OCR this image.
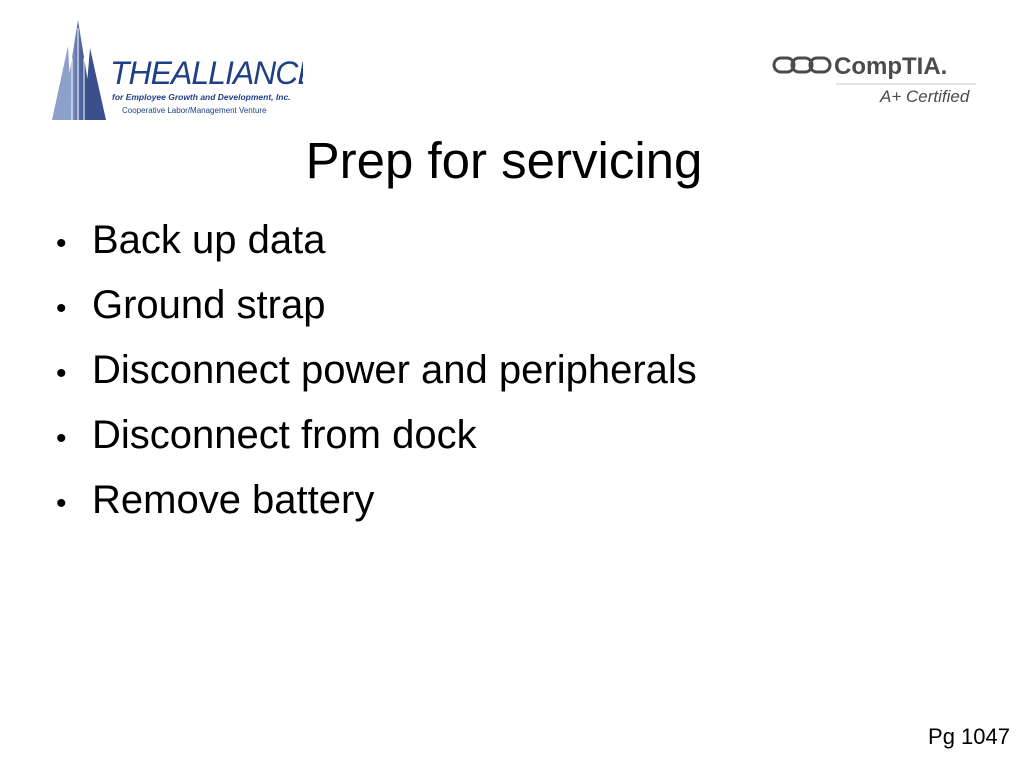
THEALLIANCE
for Employee Growth and Development, Inc.
Cooperative Labor/Management Venture
CompTIA.
A+ Certified
Prep for servicing
• Back up data
• Ground strap
• Disconnect power and peripherals
• Disconnect from dock
• Remove battery
Pg 1047
